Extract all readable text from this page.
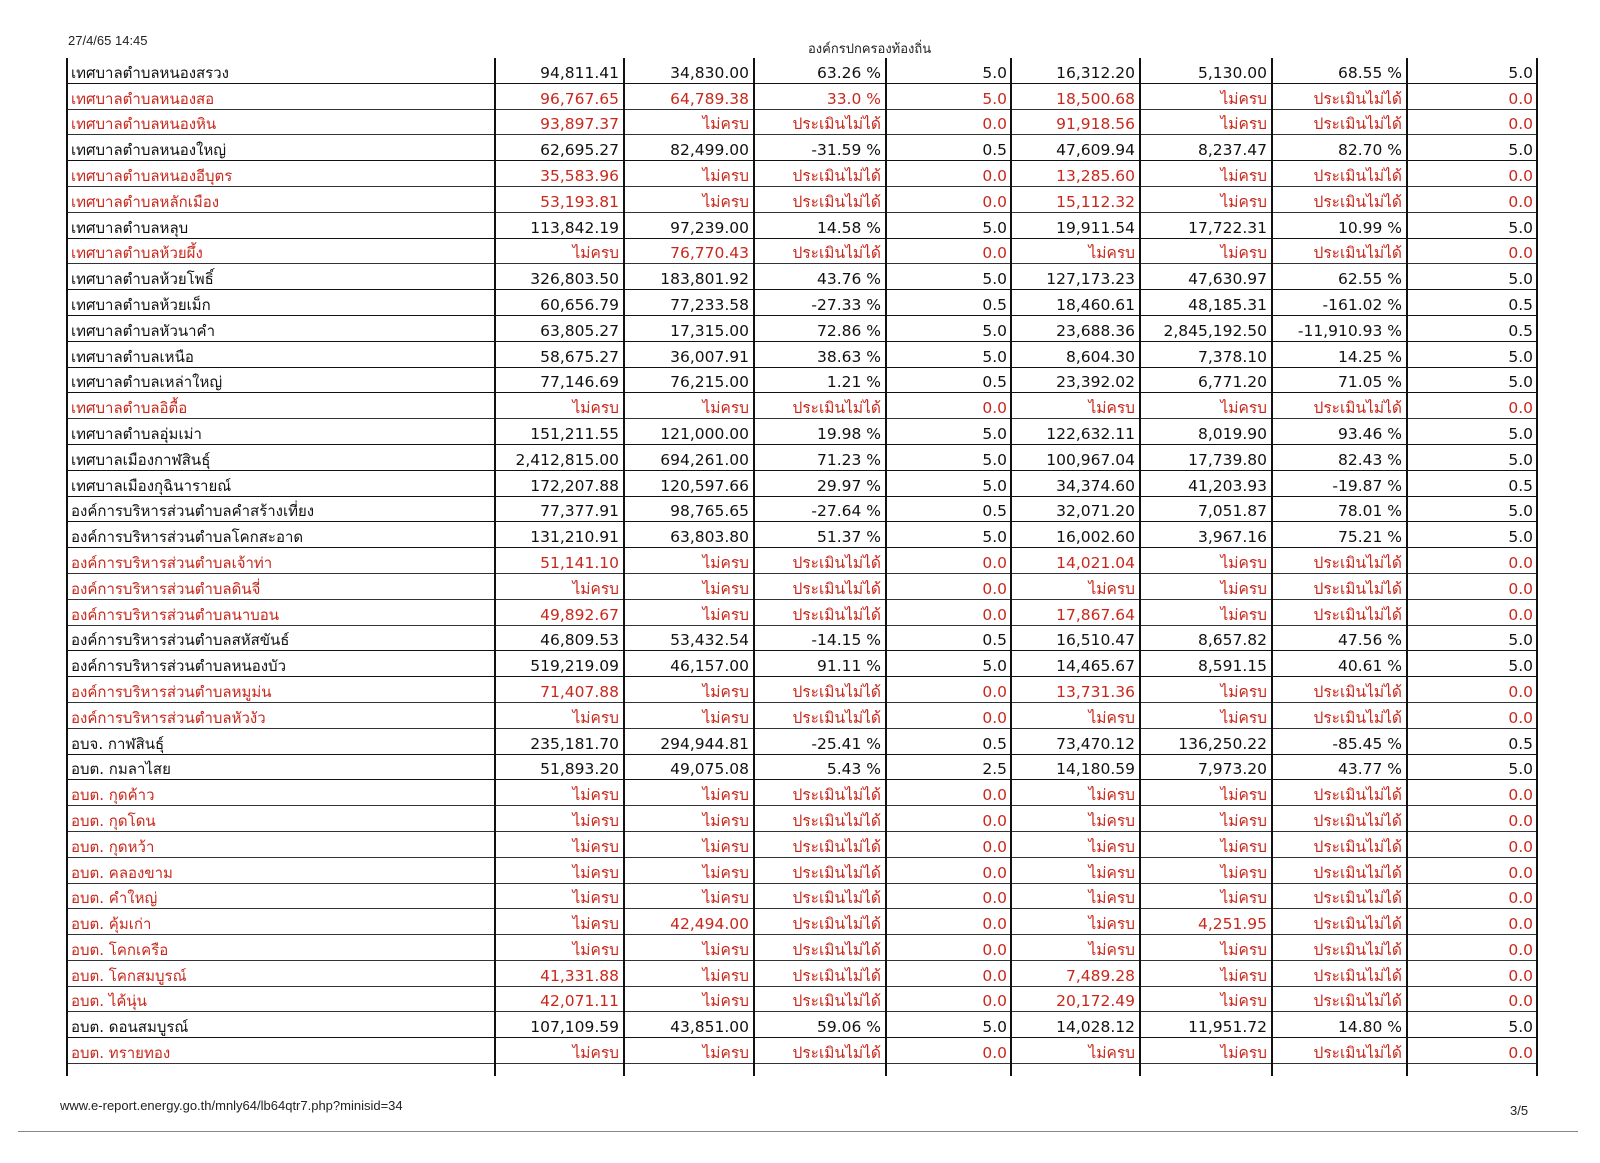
27/4/65 14:45
องค์กรปกครองท้องถิ่น
เทศบาลตำบลหนองสรวง	94,811.41	34,830.00	63.26 %	5.0	16,312.20	5,130.00	68.55 %	5.0
เทศบาลตำบลหนองสอ	96,767.65	64,789.38	33.0 %	5.0	18,500.68	ไม่ครบ	ประเมินไม่ได้	0.0
เทศบาลตำบลหนองหิน	93,897.37	ไม่ครบ	ประเมินไม่ได้	0.0	91,918.56	ไม่ครบ	ประเมินไม่ได้	0.0
เทศบาลตำบลหนองใหญ่	62,695.27	82,499.00	-31.59 %	0.5	47,609.94	8,237.47	82.70 %	5.0
เทศบาลตำบลหนองอีบุตร	35,583.96	ไม่ครบ	ประเมินไม่ได้	0.0	13,285.60	ไม่ครบ	ประเมินไม่ได้	0.0
เทศบาลตำบลหลักเมือง	53,193.81	ไม่ครบ	ประเมินไม่ได้	0.0	15,112.32	ไม่ครบ	ประเมินไม่ได้	0.0
เทศบาลตำบลหลุบ	113,842.19	97,239.00	14.58 %	5.0	19,911.54	17,722.31	10.99 %	5.0
เทศบาลตำบลห้วยผึ้ง	ไม่ครบ	76,770.43	ประเมินไม่ได้	0.0	ไม่ครบ	ไม่ครบ	ประเมินไม่ได้	0.0
เทศบาลตำบลห้วยโพธิ์	326,803.50	183,801.92	43.76 %	5.0	127,173.23	47,630.97	62.55 %	5.0
เทศบาลตำบลห้วยเม็ก	60,656.79	77,233.58	-27.33 %	0.5	18,460.61	48,185.31	-161.02 %	0.5
เทศบาลตำบลหัวนาคำ	63,805.27	17,315.00	72.86 %	5.0	23,688.36	2,845,192.50	-11,910.93 %	0.5
เทศบาลตำบลเหนือ	58,675.27	36,007.91	38.63 %	5.0	8,604.30	7,378.10	14.25 %	5.0
เทศบาลตำบลเหล่าใหญ่	77,146.69	76,215.00	1.21 %	0.5	23,392.02	6,771.20	71.05 %	5.0
เทศบาลตำบลอิตื้อ	ไม่ครบ	ไม่ครบ	ประเมินไม่ได้	0.0	ไม่ครบ	ไม่ครบ	ประเมินไม่ได้	0.0
เทศบาลตำบลอุ่มเม่า	151,211.55	121,000.00	19.98 %	5.0	122,632.11	8,019.90	93.46 %	5.0
เทศบาลเมืองกาฬสินธุ์	2,412,815.00	694,261.00	71.23 %	5.0	100,967.04	17,739.80	82.43 %	5.0
เทศบาลเมืองกุฉินารายณ์	172,207.88	120,597.66	29.97 %	5.0	34,374.60	41,203.93	-19.87 %	0.5
องค์การบริหารส่วนตำบลคำสร้างเที่ยง	77,377.91	98,765.65	-27.64 %	0.5	32,071.20	7,051.87	78.01 %	5.0
องค์การบริหารส่วนตำบลโคกสะอาด	131,210.91	63,803.80	51.37 %	5.0	16,002.60	3,967.16	75.21 %	5.0
องค์การบริหารส่วนตำบลเจ้าท่า	51,141.10	ไม่ครบ	ประเมินไม่ได้	0.0	14,021.04	ไม่ครบ	ประเมินไม่ได้	0.0
องค์การบริหารส่วนตำบลดินจี่	ไม่ครบ	ไม่ครบ	ประเมินไม่ได้	0.0	ไม่ครบ	ไม่ครบ	ประเมินไม่ได้	0.0
องค์การบริหารส่วนตำบลนาบอน	49,892.67	ไม่ครบ	ประเมินไม่ได้	0.0	17,867.64	ไม่ครบ	ประเมินไม่ได้	0.0
องค์การบริหารส่วนตำบลสหัสขันธ์	46,809.53	53,432.54	-14.15 %	0.5	16,510.47	8,657.82	47.56 %	5.0
องค์การบริหารส่วนตำบลหนองบัว	519,219.09	46,157.00	91.11 %	5.0	14,465.67	8,591.15	40.61 %	5.0
องค์การบริหารส่วนตำบลหมูม่น	71,407.88	ไม่ครบ	ประเมินไม่ได้	0.0	13,731.36	ไม่ครบ	ประเมินไม่ได้	0.0
องค์การบริหารส่วนตำบลหัวงัว	ไม่ครบ	ไม่ครบ	ประเมินไม่ได้	0.0	ไม่ครบ	ไม่ครบ	ประเมินไม่ได้	0.0
อบจ. กาฬสินธุ์	235,181.70	294,944.81	-25.41 %	0.5	73,470.12	136,250.22	-85.45 %	0.5
อบต. กมลาไสย	51,893.20	49,075.08	5.43 %	2.5	14,180.59	7,973.20	43.77 %	5.0
อบต. กุดค้าว	ไม่ครบ	ไม่ครบ	ประเมินไม่ได้	0.0	ไม่ครบ	ไม่ครบ	ประเมินไม่ได้	0.0
อบต. กุดโดน	ไม่ครบ	ไม่ครบ	ประเมินไม่ได้	0.0	ไม่ครบ	ไม่ครบ	ประเมินไม่ได้	0.0
อบต. กุดหว้า	ไม่ครบ	ไม่ครบ	ประเมินไม่ได้	0.0	ไม่ครบ	ไม่ครบ	ประเมินไม่ได้	0.0
อบต. คลองขาม	ไม่ครบ	ไม่ครบ	ประเมินไม่ได้	0.0	ไม่ครบ	ไม่ครบ	ประเมินไม่ได้	0.0
อบต. คำใหญ่	ไม่ครบ	ไม่ครบ	ประเมินไม่ได้	0.0	ไม่ครบ	ไม่ครบ	ประเมินไม่ได้	0.0
อบต. คุ้มเก่า	ไม่ครบ	42,494.00	ประเมินไม่ได้	0.0	ไม่ครบ	4,251.95	ประเมินไม่ได้	0.0
อบต. โคกเครือ	ไม่ครบ	ไม่ครบ	ประเมินไม่ได้	0.0	ไม่ครบ	ไม่ครบ	ประเมินไม่ได้	0.0
อบต. โคกสมบูรณ์	41,331.88	ไม่ครบ	ประเมินไม่ได้	0.0	7,489.28	ไม่ครบ	ประเมินไม่ได้	0.0
อบต. ไค้นุ่น	42,071.11	ไม่ครบ	ประเมินไม่ได้	0.0	20,172.49	ไม่ครบ	ประเมินไม่ได้	0.0
อบต. ดอนสมบูรณ์	107,109.59	43,851.00	59.06 %	5.0	14,028.12	11,951.72	14.80 %	5.0
อบต. ทรายทอง	ไม่ครบ	ไม่ครบ	ประเมินไม่ได้	0.0	ไม่ครบ	ไม่ครบ	ประเมินไม่ได้	0.0

www.e-report.energy.go.th/mnly64/lb64qtr7.php?minisid=34	3/5
